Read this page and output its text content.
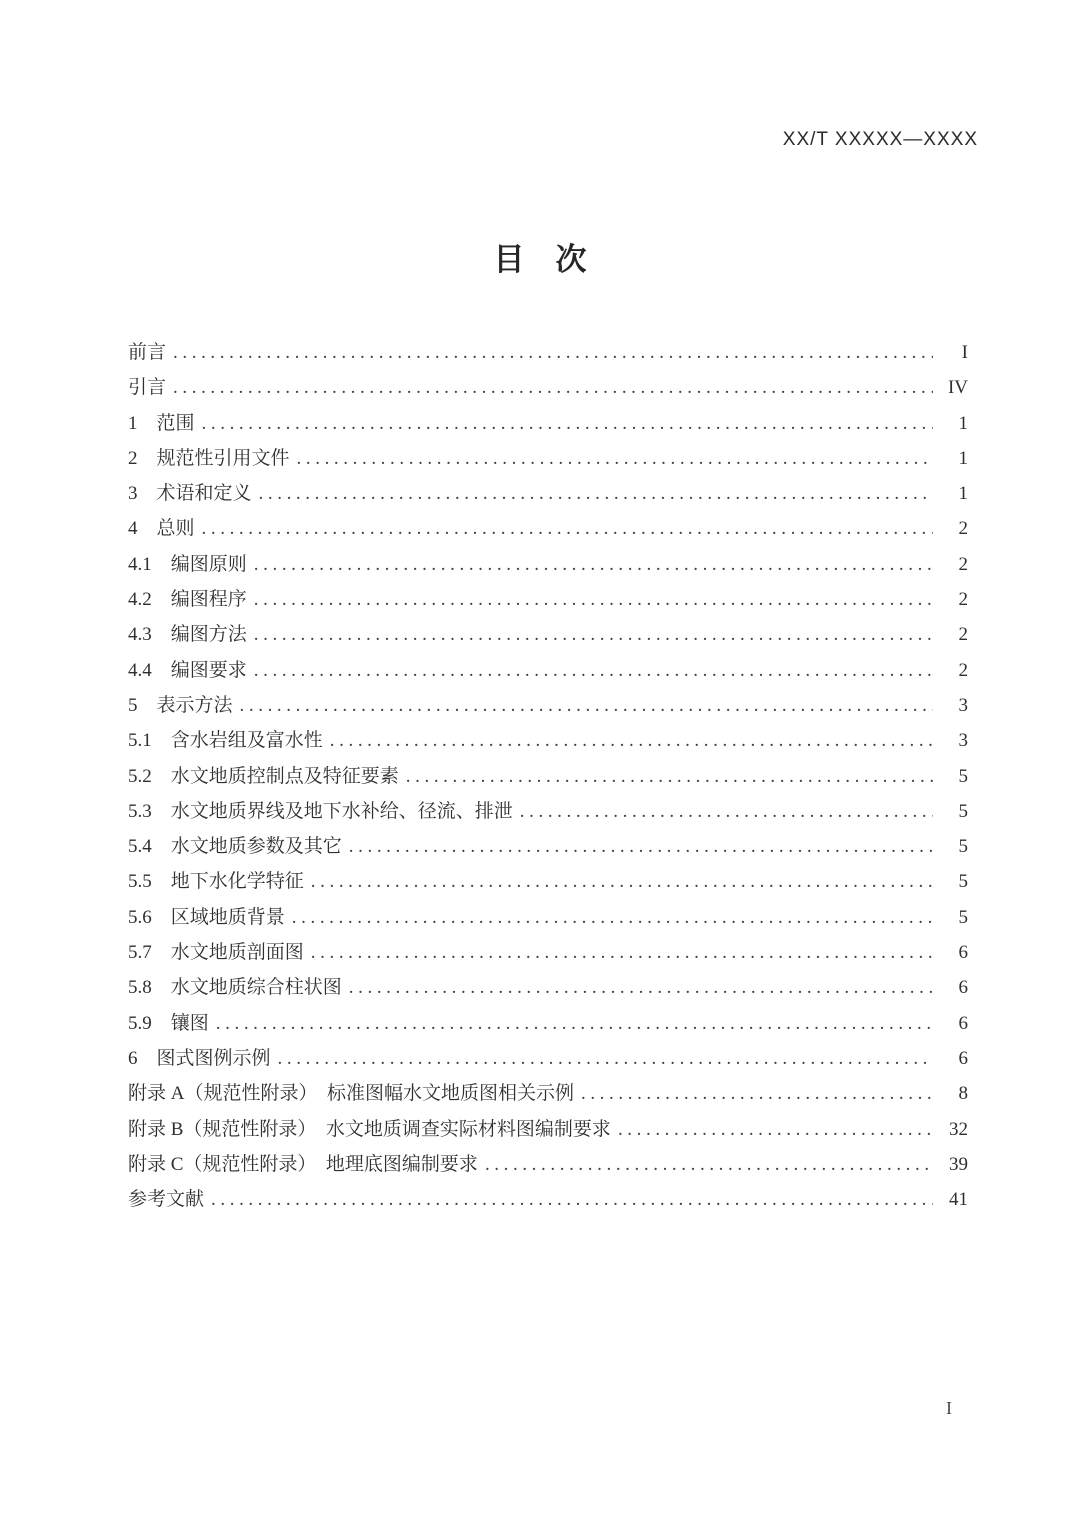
XX/T XXXXX—XXXX
目　次
前言 .....	I
引言 .....	IV
1　范围 .....	1
2　规范性引用文件 .....	1
3　术语和定义 .....	1
4　总则 .....	2
4.1　编图原则 .....	2
4.2　编图程序 .....	2
4.3　编图方法 .....	2
4.4　编图要求 .....	2
5　表示方法 .....	3
5.1　含水岩组及富水性 .....	3
5.2　水文地质控制点及特征要素 .....	5
5.3　水文地质界线及地下水补给、径流、排泄 .....	5
5.4　水文地质参数及其它 .....	5
5.5　地下水化学特征 .....	5
5.6　区域地质背景 .....	5
5.7　水文地质剖面图 .....	6
5.8　水文地质综合柱状图 .....	6
5.9　镶图 .....	6
6　图式图例示例 .....	6
附录 A（规范性附录）　标准图幅水文地质图相关示例 .....	8
附录 B（规范性附录）　水文地质调查实际材料图编制要求 .....	32
附录 C（规范性附录）　地理底图编制要求 .....	39
参考文献 .....	41
I
